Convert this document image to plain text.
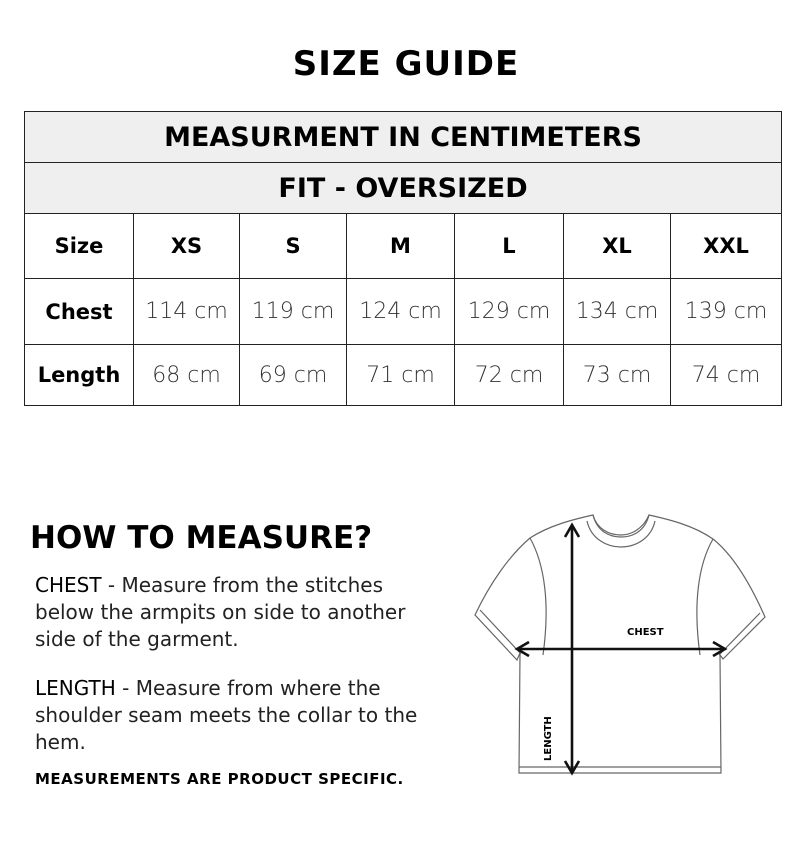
SIZE GUIDE
MEASURMENT IN CENTIMETERS						
FIT - OVERSIZED						
Size	XS	S	M	L	XL	XXL
Chest	114 cm	119 cm	124 cm	129 cm	134 cm	139 cm
Length	68 cm	69 cm	71 cm	72 cm	73 cm	74 cm
HOW TO MEASURE?
CHEST - Measure from the stitches below the armpits on side to another side of the garment.
LENGTH - Measure from where the shoulder seam meets the collar to the hem.
MEASUREMENTS ARE PRODUCT SPECIFIC.
CHEST
LENGTH
